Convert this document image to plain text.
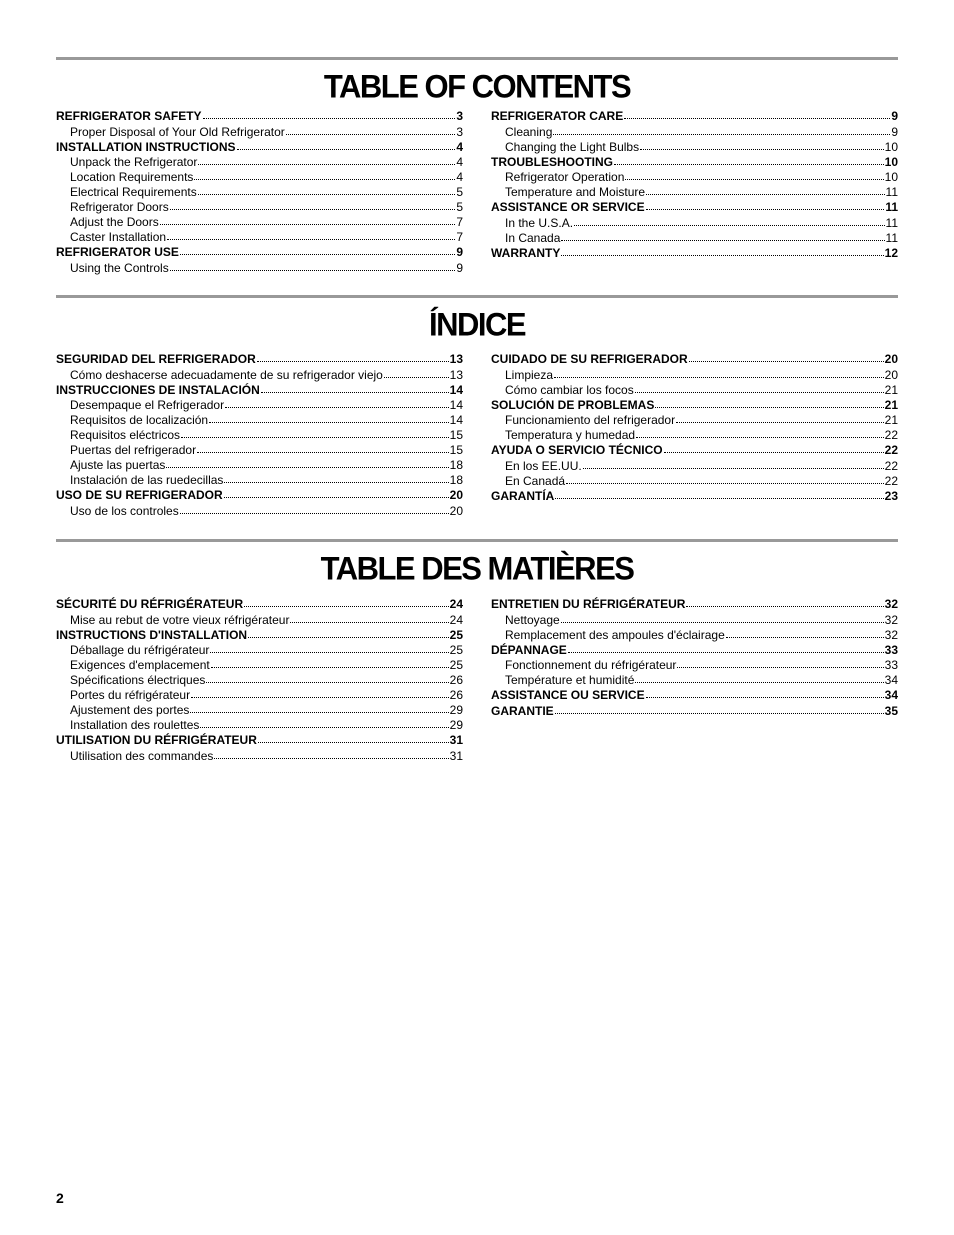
TABLE OF CONTENTS
REFRIGERATOR SAFETY	3
Proper Disposal of Your Old Refrigerator	3
INSTALLATION INSTRUCTIONS	4
Unpack the Refrigerator	4
Location Requirements	4
Electrical Requirements	5
Refrigerator Doors	5
Adjust the Doors	7
Caster Installation	7
REFRIGERATOR USE	9
Using the Controls	9
REFRIGERATOR CARE	9
Cleaning	9
Changing the Light Bulbs	10
TROUBLESHOOTING	10
Refrigerator Operation	10
Temperature and Moisture	11
ASSISTANCE OR SERVICE	11
In the U.S.A.	11
In Canada	11
WARRANTY	12
ÍNDICE
SEGURIDAD DEL REFRIGERADOR	13
Cómo deshacerse adecuadamente de su refrigerador viejo	13
INSTRUCCIONES DE INSTALACIÓN	14
Desempaque el Refrigerador	14
Requisitos de localización	14
Requisitos eléctricos	15
Puertas del refrigerador	15
Ajuste las puertas	18
Instalación de las ruedecillas	18
USO DE SU REFRIGERADOR	20
Uso de los controles	20
CUIDADO DE SU REFRIGERADOR	20
Limpieza	20
Cómo cambiar los focos	21
SOLUCIÓN DE PROBLEMAS	21
Funcionamiento del refrigerador	21
Temperatura y humedad	22
AYUDA O SERVICIO TÉCNICO	22
En los EE.UU.	22
En Canadá	22
GARANTÍA	23
TABLE DES MATIÈRES
SÉCURITÉ DU RÉFRIGÉRATEUR	24
Mise au rebut de votre vieux réfrigérateur	24
INSTRUCTIONS D'INSTALLATION	25
Déballage du réfrigérateur	25
Exigences d'emplacement	25
Spécifications électriques	26
Portes du réfrigérateur	26
Ajustement des portes	29
Installation des roulettes	29
UTILISATION DU RÉFRIGÉRATEUR	31
Utilisation des commandes	31
ENTRETIEN DU RÉFRIGÉRATEUR	32
Nettoyage	32
Remplacement des ampoules d'éclairage	32
DÉPANNAGE	33
Fonctionnement du réfrigérateur	33
Température et humidité	34
ASSISTANCE OU SERVICE	34
GARANTIE	35
2
